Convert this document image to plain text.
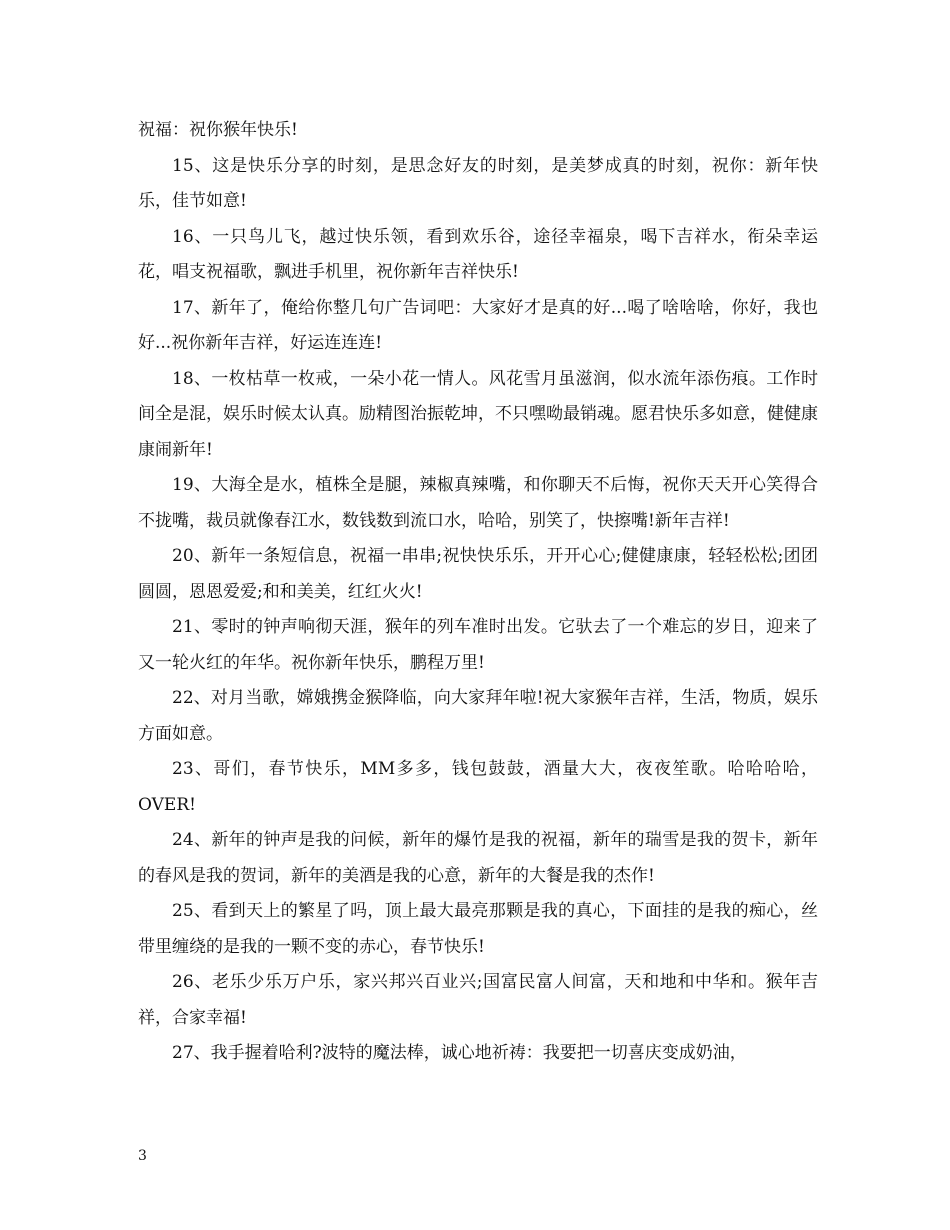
祝福：祝你猴年快乐!

15、这是快乐分享的时刻，是思念好友的时刻，是美梦成真的时刻，祝你：新年快乐，佳节如意!

16、一只鸟儿飞，越过快乐领，看到欢乐谷，途径幸福泉，喝下吉祥水，衔朵幸运花，唱支祝福歌，飘进手机里，祝你新年吉祥快乐!

17、新年了，俺给你整几句广告词吧：大家好才是真的好...喝了啥啥啥，你好，我也好...祝你新年吉祥，好运连连连!

18、一枚枯草一枚戒，一朵小花一情人。风花雪月虽滋润，似水流年添伤痕。工作时间全是混，娱乐时候太认真。励精图治振乾坤，不只嘿呦最销魂。愿君快乐多如意，健健康康闹新年!

19、大海全是水，植株全是腿，辣椒真辣嘴，和你聊天不后悔，祝你天天开心笑得合不拢嘴，裁员就像春江水，数钱数到流口水，哈哈，别笑了，快擦嘴!新年吉祥!

20、新年一条短信息，祝福一串串;祝快快乐乐，开开心心;健健康康，轻轻松松;团团圆圆，恩恩爱爱;和和美美，红红火火!

21、零时的钟声响彻天涯，猴年的列车准时出发。它驮去了一个难忘的岁日，迎来了又一轮火红的年华。祝你新年快乐，鹏程万里!

22、对月当歌，嫦娥携金猴降临，向大家拜年啦!祝大家猴年吉祥，生活，物质，娱乐方面如意。

23、哥们，春节快乐，MM多多，钱包鼓鼓，酒量大大，夜夜笙歌。哈哈哈哈，OVER!

24、新年的钟声是我的问候，新年的爆竹是我的祝福，新年的瑞雪是我的贺卡，新年的春风是我的贺词，新年的美酒是我的心意，新年的大餐是我的杰作!

25、看到天上的繁星了吗，顶上最大最亮那颗是我的真心，下面挂的是我的痴心，丝带里缠绕的是我的一颗不变的赤心，春节快乐!

26、老乐少乐万户乐，家兴邦兴百业兴;国富民富人间富，天和地和中华和。猴年吉祥，合家幸福!

27、我手握着哈利?波特的魔法棒，诚心地祈祷：我要把一切喜庆变成奶油，

3
